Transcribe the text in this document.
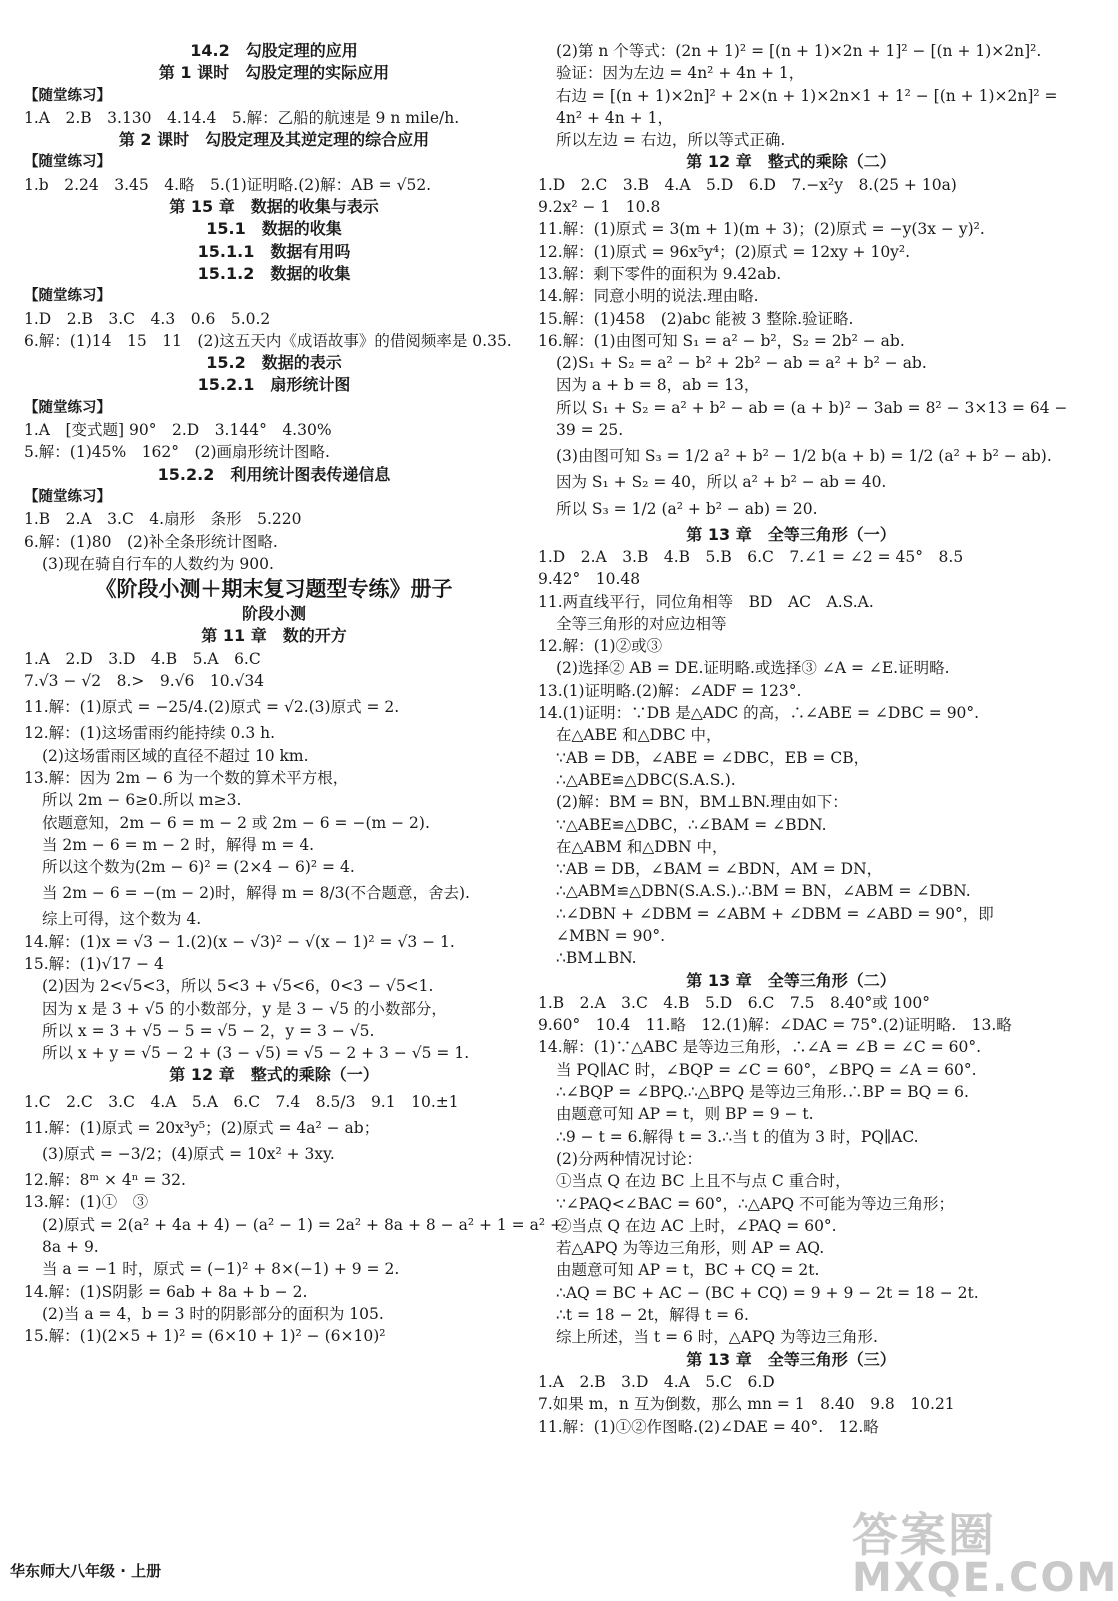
14.2　勾股定理的应用
第 1 课时　勾股定理的实际应用
【随堂练习】
1.A　2.B　3.130　4.14.4　5.解：乙船的航速是 9 n mile/h.
第 2 课时　勾股定理及其逆定理的综合应用
【随堂练习】
1.b　2.24　3.45　4.略　5.(1)证明略.(2)解：AB = √52.
第 15 章　数据的收集与表示
15.1　数据的收集
15.1.1　数据有用吗
15.1.2　数据的收集
【随堂练习】
1.D　2.B　3.C　4.3　0.6　5.0.2
6.解：(1)14　15　11　(2)这五天内《成语故事》的借阅频率是 0.35.
15.2　数据的表示
15.2.1　扇形统计图
【随堂练习】
1.A　[变式题] 90°　2.D　3.144°　4.30%
5.解：(1)45%　162°　(2)画扇形统计图略.
15.2.2　利用统计图表传递信息
【随堂练习】
1.B　2.A　3.C　4.扇形　条形　5.220
6.解：(1)80　(2)补全条形统计图略.
(3)现在骑自行车的人数约为 900.
《阶段小测＋期末复习题型专练》册子
阶段小测
第 11 章　数的开方
1.A　2.D　3.D　4.B　5.A　6.C
7.√3 − √2　8.>　9.√6　10.√34
11.解：(1)原式 = −25/4.(2)原式 = √2.(3)原式 = 2.
12.解：(1)这场雷雨约能持续 0.3 h.
(2)这场雷雨区域的直径不超过 10 km.
13.解：因为 2m − 6 为一个数的算术平方根，
所以 2m − 6≥0.所以 m≥3.
依题意知，2m − 6 = m − 2 或 2m − 6 = −(m − 2).
当 2m − 6 = m − 2 时，解得 m = 4.
所以这个数为(2m − 6)² = (2×4 − 6)² = 4.
当 2m − 6 = −(m − 2)时，解得 m = 8/3(不合题意，舍去).
综上可得，这个数为 4.
14.解：(1)x = √3 − 1.(2)(x − √3)² − √(x − 1)² = √3 − 1.
15.解：(1)√17 − 4
(2)因为 2<√5<3，所以 5<3 + √5<6，0<3 − √5<1.
因为 x 是 3 + √5 的小数部分，y 是 3 − √5 的小数部分，
所以 x = 3 + √5 − 5 = √5 − 2，y = 3 − √5.
所以 x + y = √5 − 2 + (3 − √5) = √5 − 2 + 3 − √5 = 1.
第 12 章　整式的乘除（一）
1.C　2.C　3.C　4.A　5.A　6.C　7.4　8.5/3　9.1　10.±1
11.解：(1)原式 = 20x³y⁵；(2)原式 = 4a² − ab；
(3)原式 = −3/2；(4)原式 = 10x² + 3xy.
12.解：8ᵐ × 4ⁿ = 32.
13.解：(1)①　③
(2)原式 = 2(a² + 4a + 4) − (a² − 1) = 2a² + 8a + 8 − a² + 1 = a² +
8a + 9.
当 a = −1 时，原式 = (−1)² + 8×(−1) + 9 = 2.
14.解：(1)S阴影 = 6ab + 8a + b − 2.
(2)当 a = 4，b = 3 时的阴影部分的面积为 105.
15.解：(1)(2×5 + 1)² = (6×10 + 1)² − (6×10)²
(2)第 n 个等式：(2n + 1)² = [(n + 1)×2n + 1]² − [(n + 1)×2n]².
验证：因为左边 = 4n² + 4n + 1，
右边 = [(n + 1)×2n]² + 2×(n + 1)×2n×1 + 1² − [(n + 1)×2n]² =
4n² + 4n + 1，
所以左边 = 右边，所以等式正确.
第 12 章　整式的乘除（二）
1.D　2.C　3.B　4.A　5.D　6.D　7.−x²y　8.(25 + 10a)
9.2x² − 1　10.8
11.解：(1)原式 = 3(m + 1)(m + 3)；(2)原式 = −y(3x − y)².
12.解：(1)原式 = 96x⁵y⁴；(2)原式 = 12xy + 10y².
13.解：剩下零件的面积为 9.42ab.
14.解：同意小明的说法.理由略.
15.解：(1)458　(2)abc 能被 3 整除.验证略.
16.解：(1)由图可知 S₁ = a² − b²，S₂ = 2b² − ab.
(2)S₁ + S₂ = a² − b² + 2b² − ab = a² + b² − ab.
因为 a + b = 8，ab = 13，
所以 S₁ + S₂ = a² + b² − ab = (a + b)² − 3ab = 8² − 3×13 = 64 −
39 = 25.
(3)由图可知 S₃ = 1/2 a² + b² − 1/2 b(a + b) = 1/2 (a² + b² − ab).
因为 S₁ + S₂ = 40，所以 a² + b² − ab = 40.
所以 S₃ = 1/2 (a² + b² − ab) = 20.
第 13 章　全等三角形（一）
1.D　2.A　3.B　4.B　5.B　6.C　7.∠1 = ∠2 = 45°　8.5
9.42°　10.48
11.两直线平行，同位角相等　BD　AC　A.S.A.
全等三角形的对应边相等
12.解：(1)②或③
(2)选择② AB = DE.证明略.或选择③ ∠A = ∠E.证明略.
13.(1)证明略.(2)解：∠ADF = 123°.
14.(1)证明：∵DB 是△ADC 的高，∴∠ABE = ∠DBC = 90°.
在△ABE 和△DBC 中，
∵AB = DB，∠ABE = ∠DBC，EB = CB，
∴△ABE≌△DBC(S.A.S.).
(2)解：BM = BN，BM⊥BN.理由如下：
∵△ABE≌△DBC，∴∠BAM = ∠BDN.
在△ABM 和△DBN 中，
∵AB = DB，∠BAM = ∠BDN，AM = DN，
∴△ABM≌△DBN(S.A.S.).∴BM = BN，∠ABM = ∠DBN.
∴∠DBN + ∠DBM = ∠ABM + ∠DBM = ∠ABD = 90°，即
∠MBN = 90°.
∴BM⊥BN.
第 13 章　全等三角形（二）
1.B　2.A　3.C　4.B　5.D　6.C　7.5　8.40°或 100°
9.60°　10.4　11.略　12.(1)解：∠DAC = 75°.(2)证明略.　13.略
14.解：(1)∵△ABC 是等边三角形，∴∠A = ∠B = ∠C = 60°.
当 PQ∥AC 时，∠BQP = ∠C = 60°，∠BPQ = ∠A = 60°.
∴∠BQP = ∠BPQ.∴△BPQ 是等边三角形.∴BP = BQ = 6.
由题意可知 AP = t，则 BP = 9 − t.
∴9 − t = 6.解得 t = 3.∴当 t 的值为 3 时，PQ∥AC.
(2)分两种情况讨论：
①当点 Q 在边 BC 上且不与点 C 重合时，
∵∠PAQ<∠BAC = 60°，∴△APQ 不可能为等边三角形；
②当点 Q 在边 AC 上时，∠PAQ = 60°.
若△APQ 为等边三角形，则 AP = AQ.
由题意可知 AP = t，BC + CQ = 2t.
∴AQ = BC + AC − (BC + CQ) = 9 + 9 − 2t = 18 − 2t.
∴t = 18 − 2t，解得 t = 6.
综上所述，当 t = 6 时，△APQ 为等边三角形.
第 13 章　全等三角形（三）
1.A　2.B　3.D　4.A　5.C　6.D
7.如果 m，n 互为倒数，那么 mn = 1　8.40　9.8　10.21
11.解：(1)①②作图略.(2)∠DAE = 40°.　12.略
华东师大八年级 · 上册
答案圈
MXQE.COM
